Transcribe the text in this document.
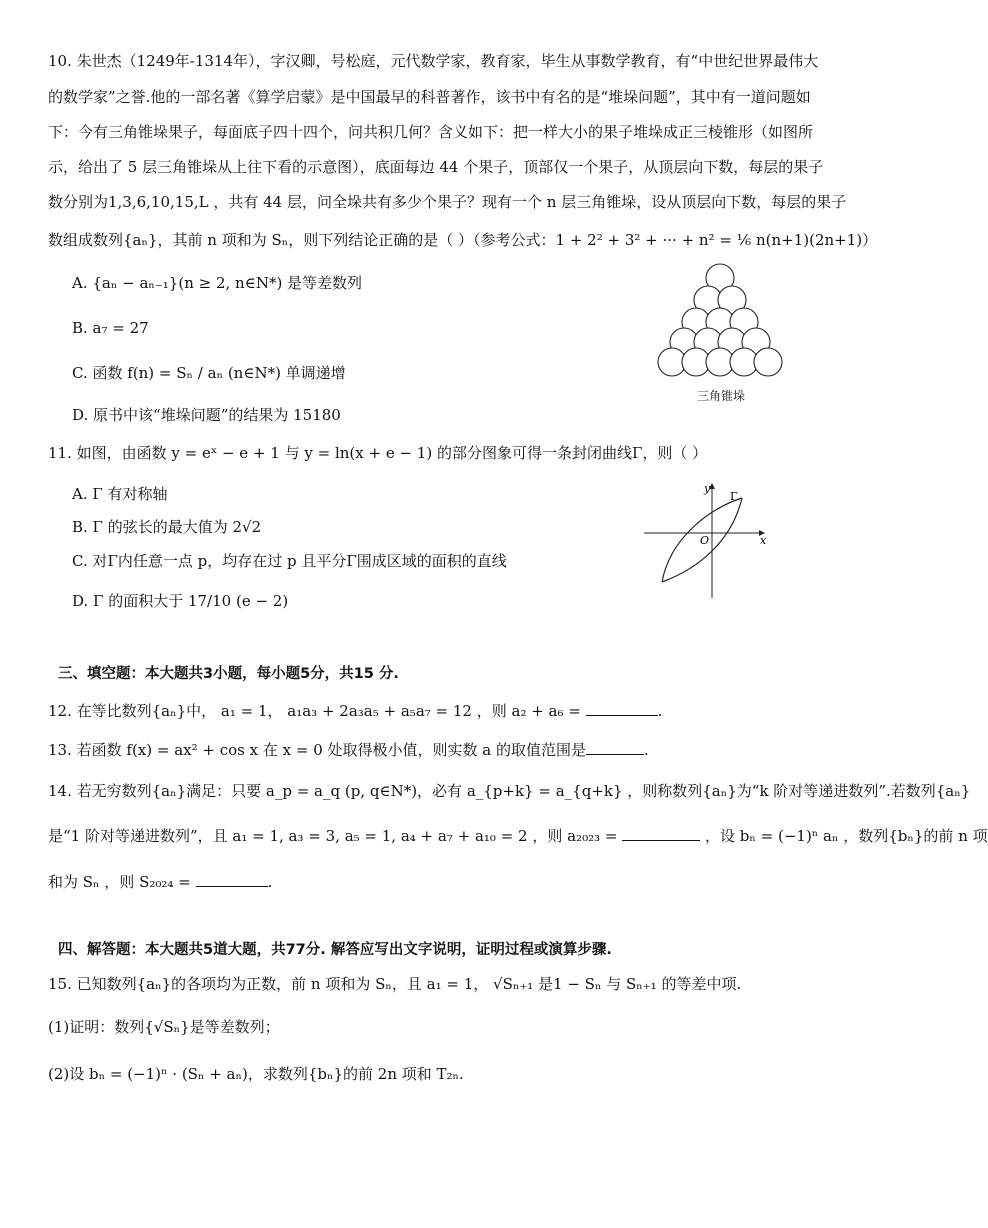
10. 朱世杰（1249年-1314年），字汉卿，号松庭，元代数学家，教育家，毕生从事数学教育，有“中世纪世界最伟大
的数学家”之誉.他的一部名著《算学启蒙》是中国最早的科普著作，该书中有名的是“堆垛问题”，其中有一道问题如
下：今有三角锥垛果子，每面底子四十四个，问共积几何？含义如下：把一样大小的果子堆垛成正三棱锥形（如图所
示，给出了 5 层三角锥垛从上往下看的示意图），底面每边 44 个果子，顶部仅一个果子，从顶层向下数，每层的果子
数分别为1,3,6,10,15,L ，共有 44 层，问全垛共有多少个果子？现有一个 n 层三角锥垛，设从顶层向下数，每层的果子
数组成数列{aₙ}，其前 n 项和为 Sₙ，则下列结论正确的是（ ）（参考公式：1 + 2² + 3² + ··· + n² = ⅙ n(n+1)(2n+1)）
A. {aₙ − aₙ₋₁}(n ≥ 2, n∈N*) 是等差数列
B. a₇ = 27
C. 函数 f(n) = Sₙ / aₙ (n∈N*) 单调递增
D. 原书中该“堆垛问题”的结果为 15180
三角锥垛
11. 如图，由函数 y = eˣ − e + 1 与 y = ln(x + e − 1) 的部分图象可得一条封闭曲线Γ，则（ ）
A. Γ 有对称轴
B. Γ 的弦长的最大值为 2√2
C. 对Γ内任意一点 p，均存在过 p 且平分Γ围成区域的面积的直线
D. Γ 的面积大于 17/10 (e − 2)
y
x
O
Γ
三、填空题：本大题共3小题，每小题5分，共15 分.
12. 在等比数列{aₙ}中， a₁ = 1， a₁a₃ + 2a₃a₅ + a₅a₇ = 12 ，则 a₂ + a₆ =	.
13. 若函数 f(x) = ax² + cos x 在 x = 0 处取得极小值，则实数 a 的取值范围是	.
14. 若无穷数列{aₙ}满足：只要 a_p = a_q (p, q∈N*)，必有 a_{p+k} = a_{q+k} ，则称数列{aₙ}为“k 阶对等递进数列”.若数列{aₙ}
是“1 阶对等递进数列”，且 a₁ = 1, a₃ = 3, a₅ = 1, a₄ + a₇ + a₁₀ = 2 ，则 a₂₀₂₃ =	，设 bₙ = (−1)ⁿ aₙ ，数列{bₙ}的前 n 项
和为 Sₙ ，则 S₂₀₂₄ =	.
四、解答题：本大题共5道大题，共77分. 解答应写出文字说明，证明过程或演算步骤.
15. 已知数列{aₙ}的各项均为正数，前 n 项和为 Sₙ，且 a₁ = 1， √Sₙ₊₁ 是1 − Sₙ 与 Sₙ₊₁ 的等差中项.
(1)证明：数列{√Sₙ}是等差数列；
(2)设 bₙ = (−1)ⁿ · (Sₙ + aₙ)，求数列{bₙ}的前 2n 项和 T₂ₙ.
